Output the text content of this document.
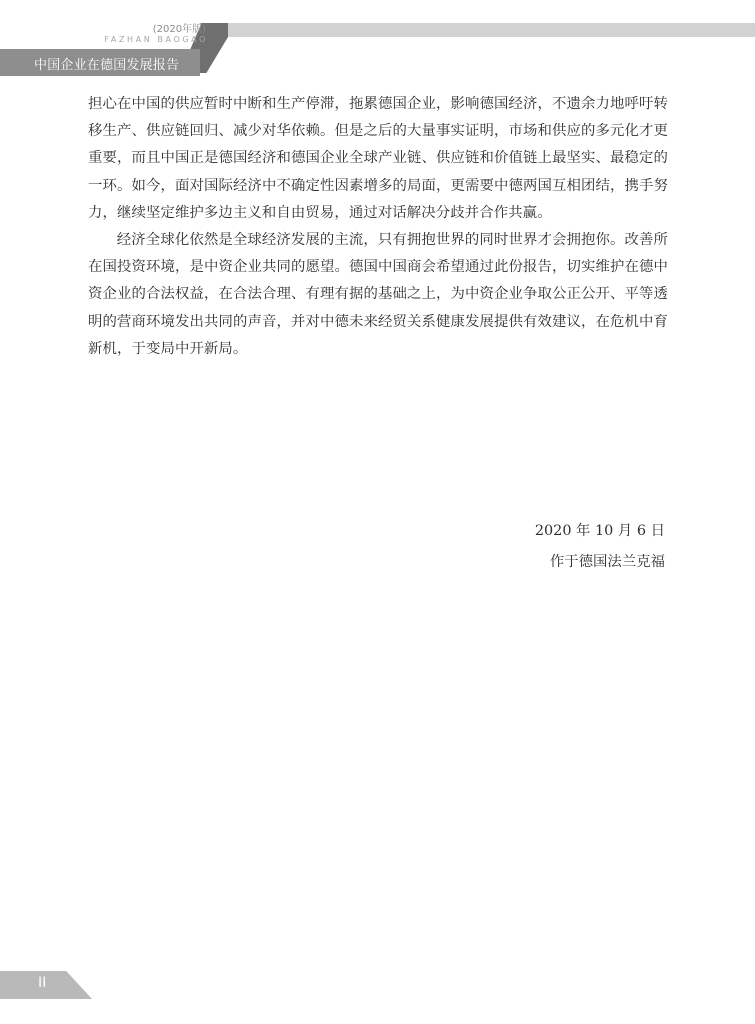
(2020年版)
FAZHAN BAOGAO
中国企业在德国发展报告

担心在中国的供应暂时中断和生产停滞，拖累德国企业，影响德国经济，不遗余力地呼吁转移生产、供应链回归、减少对华依赖。但是之后的大量事实证明，市场和供应的多元化才更重要，而且中国正是德国经济和德国企业全球产业链、供应链和价值链上最坚实、最稳定的一环。如今，面对国际经济中不确定性因素增多的局面，更需要中德两国互相团结，携手努力，继续坚定维护多边主义和自由贸易，通过对话解决分歧并合作共赢。

经济全球化依然是全球经济发展的主流，只有拥抱世界的同时世界才会拥抱你。改善所在国投资环境，是中资企业共同的愿望。德国中国商会希望通过此份报告，切实维护在德中资企业的合法权益，在合法合理、有理有据的基础之上，为中资企业争取公正公开、平等透明的营商环境发出共同的声音，并对中德未来经贸关系健康发展提供有效建议，在危机中育新机，于变局中开新局。

2020 年 10 月 6 日
作于德国法兰克福
II
